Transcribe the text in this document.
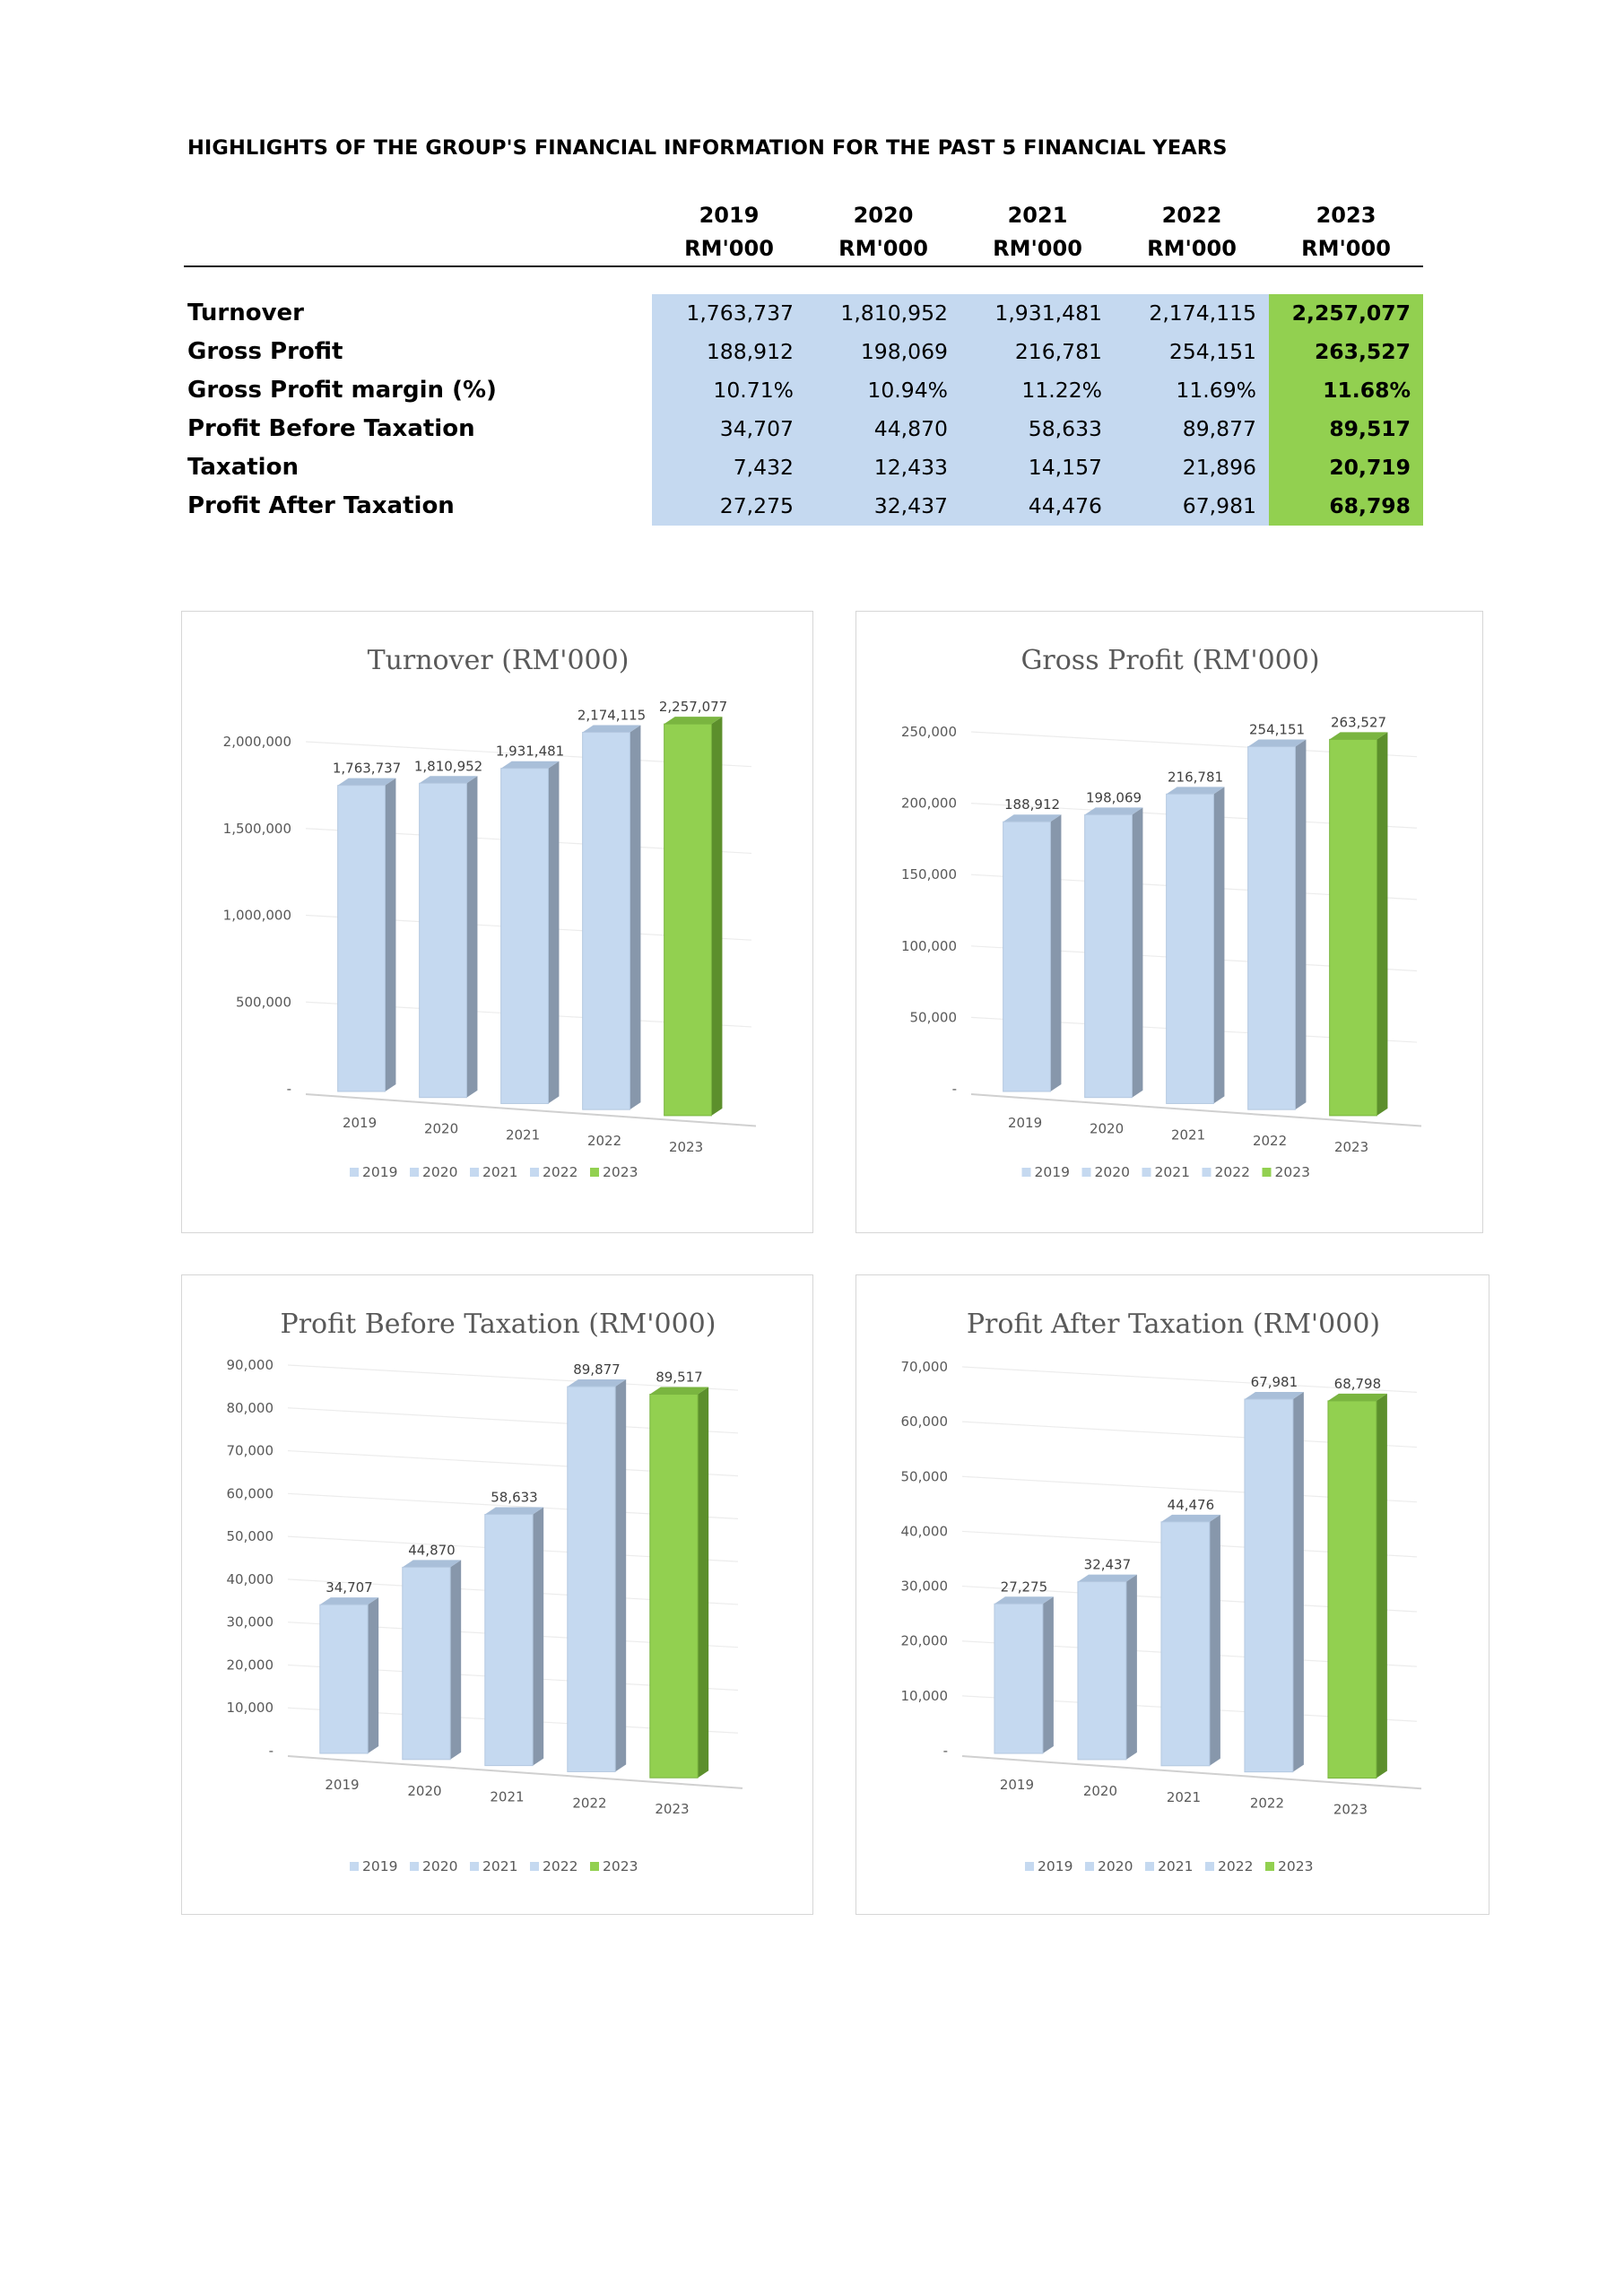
HIGHLIGHTS OF THE GROUP'S FINANCIAL INFORMATION FOR THE PAST 5 FINANCIAL YEARS
	2019	2020	2021	2022	2023
	RM'000	RM'000	RM'000	RM'000	RM'000

Turnover	1,763,737	1,810,952	1,931,481	2,174,115	2,257,077
Gross Profit	188,912	198,069	216,781	254,151	263,527
Gross Profit margin (%)	10.71%	10.94%	11.22%	11.69%	11.68%
Profit Before Taxation	34,707	44,870	58,633	89,877	89,517
Taxation	7,432	12,433	14,157	21,896	20,719
Profit After Taxation	27,275	32,437	44,476	67,981	68,798
Turnover (RM'000)
-
500,000
1,000,000
1,500,000
2,000,000
1,763,737
2019
1,810,952
2020
1,931,481
2021
2,174,115
2022
2,257,077
2023
2019 2020 2021 2022 2023
Gross Profit (RM'000)
-
50,000
100,000
150,000
200,000
250,000
188,912
2019
198,069
2020
216,781
2021
254,151
2022
263,527
2023
2019 2020 2021 2022 2023
Profit Before Taxation (RM'000)
-
10,000
20,000
30,000
40,000
50,000
60,000
70,000
80,000
90,000
34,707
2019
44,870
2020
58,633
2021
89,877
2022
89,517
2023
2019 2020 2021 2022 2023
Profit After Taxation (RM'000)
-
10,000
20,000
30,000
40,000
50,000
60,000
70,000
27,275
2019
32,437
2020
44,476
2021
67,981
2022
68,798
2023
2019 2020 2021 2022 2023
